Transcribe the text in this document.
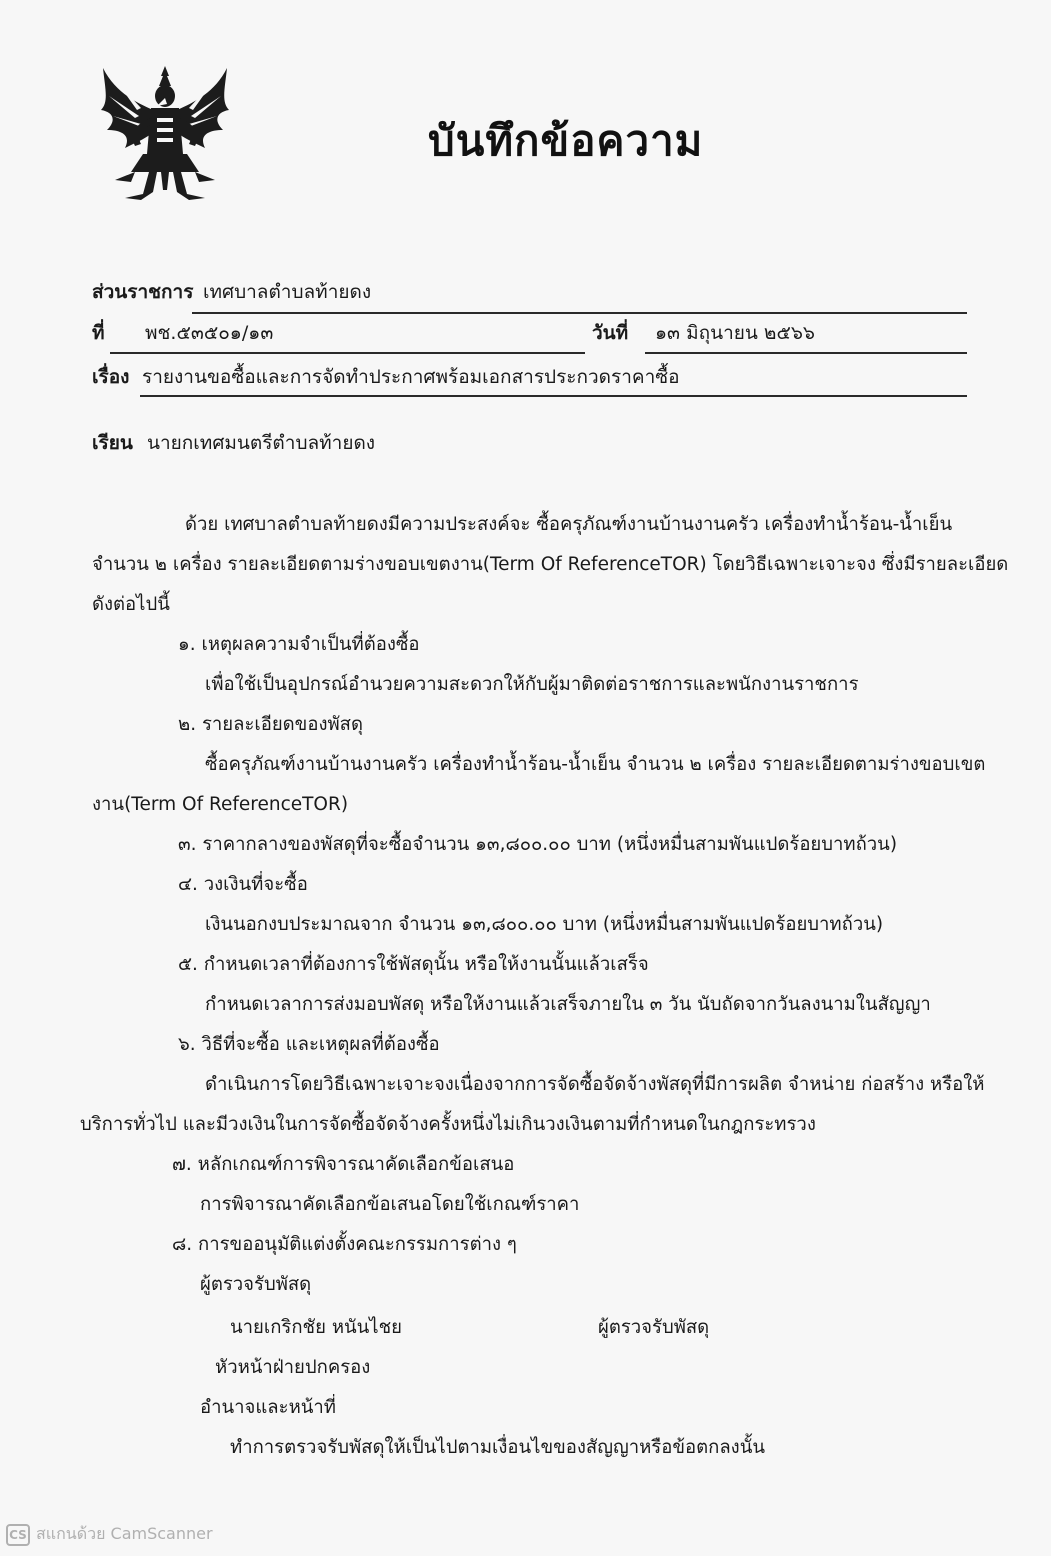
บันทึกข้อความ
ส่วนราชการ เทศบาลตำบลท้ายดง
ที่ พช.๕๓๕๐๑/๑๓	วันที่ ๑๓ มิถุนายน ๒๕๖๖
เรื่อง รายงานขอซื้อและการจัดทำประกาศพร้อมเอกสารประกวดราคาซื้อ
เรียน นายกเทศมนตรีตำบลท้ายดง
ด้วย เทศบาลตำบลท้ายดงมีความประสงค์จะ ซื้อครุภัณฑ์งานบ้านงานครัว เครื่องทำน้ำร้อน-น้ำเย็น
จำนวน ๒ เครื่อง รายละเอียดตามร่างขอบเขตงาน(Term Of ReferenceTOR) โดยวิธีเฉพาะเจาะจง ซึ่งมีรายละเอียด
ดังต่อไปนี้
๑. เหตุผลความจำเป็นที่ต้องซื้อ
เพื่อใช้เป็นอุปกรณ์อำนวยความสะดวกให้กับผู้มาติดต่อราชการและพนักงานราชการ
๒. รายละเอียดของพัสดุ
ซื้อครุภัณฑ์งานบ้านงานครัว เครื่องทำน้ำร้อน-น้ำเย็น จำนวน ๒ เครื่อง รายละเอียดตามร่างขอบเขต
งาน(Term Of ReferenceTOR)
๓. ราคากลางของพัสดุที่จะซื้อจำนวน ๑๓,๘๐๐.๐๐ บาท (หนึ่งหมื่นสามพันแปดร้อยบาทถ้วน)
๔. วงเงินที่จะซื้อ
เงินนอกงบประมาณจาก จำนวน ๑๓,๘๐๐.๐๐ บาท (หนึ่งหมื่นสามพันแปดร้อยบาทถ้วน)
๕. กำหนดเวลาที่ต้องการใช้พัสดุนั้น หรือให้งานนั้นแล้วเสร็จ
กำหนดเวลาการส่งมอบพัสดุ หรือให้งานแล้วเสร็จภายใน ๓ วัน นับถัดจากวันลงนามในสัญญา
๖. วิธีที่จะซื้อ และเหตุผลที่ต้องซื้อ
ดำเนินการโดยวิธีเฉพาะเจาะจงเนื่องจากการจัดซื้อจัดจ้างพัสดุที่มีการผลิต จำหน่าย ก่อสร้าง หรือให้
บริการทั่วไป และมีวงเงินในการจัดซื้อจัดจ้างครั้งหนึ่งไม่เกินวงเงินตามที่กำหนดในกฎกระทรวง
๗. หลักเกณฑ์การพิจารณาคัดเลือกข้อเสนอ
การพิจารณาคัดเลือกข้อเสนอโดยใช้เกณฑ์ราคา
๘. การขออนุมัติแต่งตั้งคณะกรรมการต่าง ๆ
ผู้ตรวจรับพัสดุ
นายเกริกชัย หนันไชย	ผู้ตรวจรับพัสดุ
หัวหน้าฝ่ายปกครอง
อำนาจและหน้าที่
ทำการตรวจรับพัสดุให้เป็นไปตามเงื่อนไขของสัญญาหรือข้อตกลงนั้น
CS สแกนด้วย CamScanner
